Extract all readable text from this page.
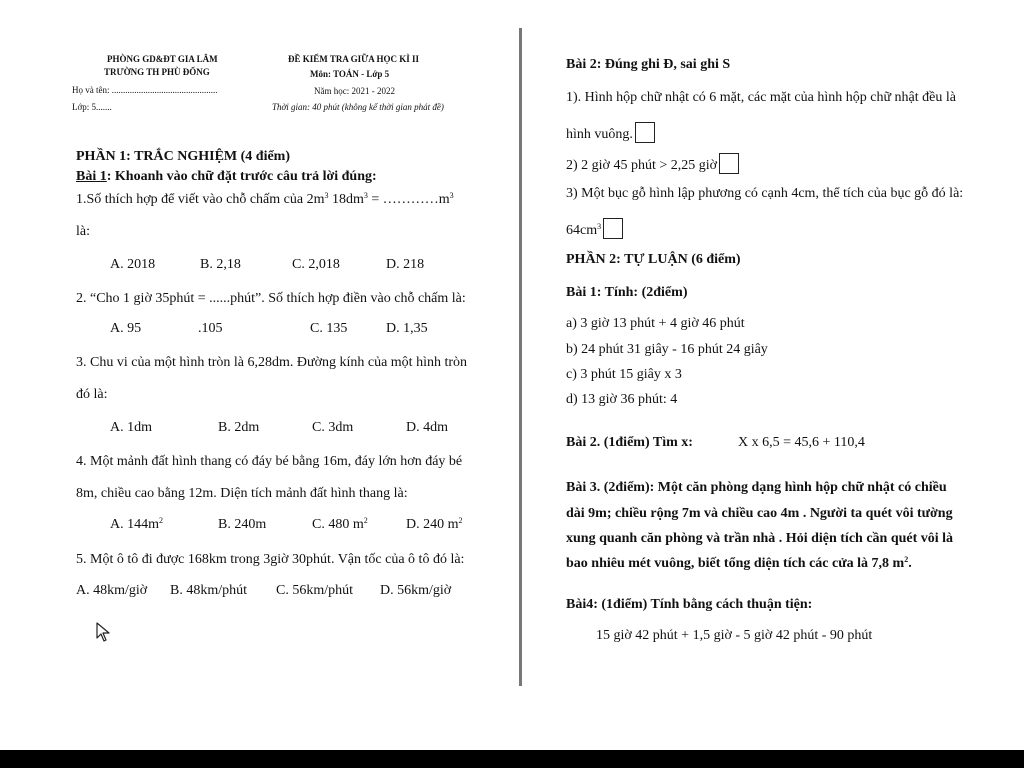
PHÒNG GD&ĐT GIA LÂM
TRƯỜNG TH PHÙ ĐỔNG
Họ và tên: ...............................................
Lớp: 5.......
ĐỀ KIỂM TRA GIỮA HỌC KÌ II
Môn: TOÁN - Lớp 5
Năm học: 2021 - 2022
Thời gian: 40 phút (không kể thời gian phát đề)
PHẦN 1: TRẮC NGHIỆM (4 điểm)
Bài 1: Khoanh vào chữ đặt trước câu trả lời đúng:
1.Số thích hợp để viết vào chỗ chấm của $2m^3$ $18dm^3$ = $\dots\dots\dots\dots m^3$
là:
A. 2018	B. 2,18	C. 2,018	D. 218
2. “Cho 1 giờ 35phút = ......phút”. Số thích hợp điền vào chỗ chấm là:
A. 95	.105	C. 135	D. 1,35
3. Chu vi của một hình tròn là 6,28dm. Đường kính của một hình tròn
đó là:
A. 1dm	B. 2dm	C. 3dm	D. 4dm
4. Một mảnh đất hình thang có đáy bé bằng 16m, đáy lớn hơn đáy bé
8m, chiều cao bằng 12m. Diện tích mảnh đất hình thang là:
A. $144m^2$	B. 240m	C. 480 $m^2$	D. 240 $m^2$
5. Một ô tô đi được 168km trong 3giờ 30phút. Vận tốc của ô tô đó là:
A. 48km/giờ B. 48km/phút C. 56km/phút D. 56km/giờ
Bài 2: Đúng ghi Đ, sai ghi S
1). Hình hộp chữ nhật có 6 mặt, các mặt của hình hộp chữ nhật đều là
hình vuông.
2) 2 giờ 45 phút > 2,25 giờ
3) Một bục gỗ hình lập phương có cạnh 4cm, thể tích của bục gỗ đó là:
$64cm^3$
PHẦN 2: TỰ LUẬN (6 điểm)
Bài 1: Tính: (2điểm)
a) 3 giờ 13 phút + 4 giờ 46 phút
b) 24 phút 31 giây - 16 phút 24 giây
c) 3 phút 15 giây x 3
d) 13 giờ 36 phút: 4
Bài 2. (1điểm) Tìm x:	X x 6,5 = 45,6 + 110,4
Bài 3. (2điểm): Một căn phòng dạng hình hộp chữ nhật có chiều
dài 9m; chiều rộng 7m và chiều cao 4m . Người ta quét vôi tường
xung quanh căn phòng và trần nhà . Hỏi diện tích cần quét vôi là
bao nhiêu mét vuông, biết tổng diện tích các cửa là 7,8 $m^2$.
Bài4: (1điểm) Tính bằng cách thuận tiện:
15 giờ 42 phút + 1,5 giờ - 5 giờ 42 phút - 90 phút
